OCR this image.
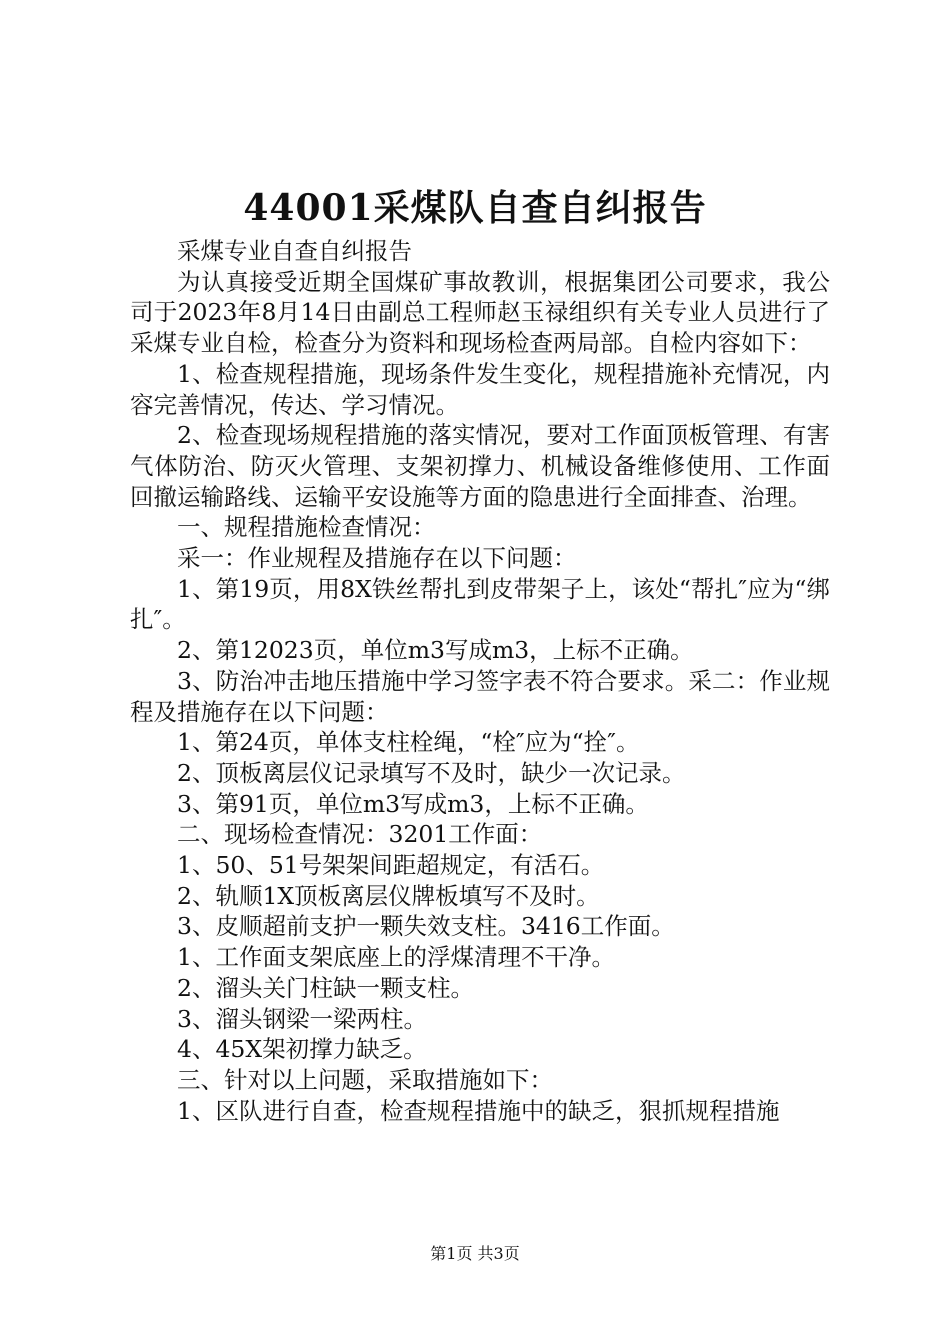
44001采煤队自查自纠报告

采煤专业自查自纠报告

为认真接受近期全国煤矿事故教训，根据集团公司要求，我公司于2023年8月14日由副总工程师赵玉禄组织有关专业人员进行了采煤专业自检，检查分为资料和现场检查两局部。自检内容如下：

1、检查规程措施，现场条件发生变化，规程措施补充情况，内容完善情况，传达、学习情况。

2、检查现场规程措施的落实情况，要对工作面顶板管理、有害气体防治、防灭火管理、支架初撑力、机械设备维修使用、工作面回撤运输路线、运输平安设施等方面的隐患进行全面排查、治理。

一、规程措施检查情况：

采一：作业规程及措施存在以下问题：

1、第19页，用8X铁丝帮扎到皮带架子上，该处“帮扎″应为“绑扎″。

2、第12023页，单位m3写成m3，上标不正确。

3、防治冲击地压措施中学习签字表不符合要求。采二：作业规程及措施存在以下问题：

1、第24页，单体支柱栓绳，“栓″应为“拴″。

2、顶板离层仪记录填写不及时，缺少一次记录。

3、第91页，单位m3写成m3，上标不正确。

二、现场检查情况：3201工作面：

1、50、51号架架间距超规定，有活石。

2、轨顺1X顶板离层仪牌板填写不及时。

3、皮顺超前支护一颗失效支柱。3416工作面。

1、工作面支架底座上的浮煤清理不干净。

2、溜头关门柱缺一颗支柱。

3、溜头钢梁一梁两柱。

4、45X架初撑力缺乏。

三、针对以上问题，采取措施如下：

1、区队进行自查，检查规程措施中的缺乏，狠抓规程措施

第1页 共3页
